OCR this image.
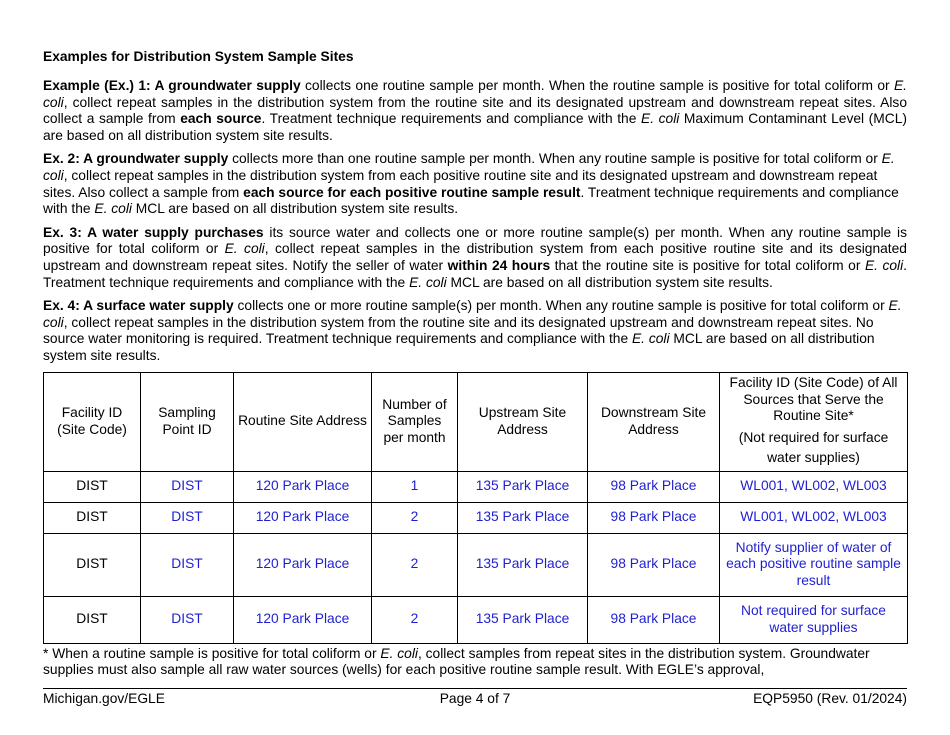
Examples for Distribution System Sample Sites

Example (Ex.) 1: A groundwater supply collects one routine sample per month. When the routine sample is positive for total coliform or E. coli, collect repeat samples in the distribution system from the routine site and its designated upstream and downstream repeat sites. Also collect a sample from each source. Treatment technique requirements and compliance with the E. coli Maximum Contaminant Level (MCL) are based on all distribution system site results.

Ex. 2: A groundwater supply collects more than one routine sample per month. When any routine sample is positive for total coliform or E. coli, collect repeat samples in the distribution system from each positive routine site and its designated upstream and downstream repeat sites. Also collect a sample from each source for each positive routine sample result. Treatment technique requirements and compliance with the E. coli MCL are based on all distribution system site results.

Ex. 3: A water supply purchases its source water and collects one or more routine sample(s) per month. When any routine sample is positive for total coliform or E. coli, collect repeat samples in the distribution system from each positive routine site and its designated upstream and downstream repeat sites. Notify the seller of water within 24 hours that the routine site is positive for total coliform or E. coli. Treatment technique requirements and compliance with the E. coli MCL are based on all distribution system site results.

Ex. 4: A surface water supply collects one or more routine sample(s) per month. When any routine sample is positive for total coliform or E. coli, collect repeat samples in the distribution system from the routine site and its designated upstream and downstream repeat sites. No source water monitoring is required. Treatment technique requirements and compliance with the E. coli MCL are based on all distribution system site results.

Facility ID (Site Code)	Sampling Point ID	Routine Site Address	Number of Samples per month	Upstream Site Address	Downstream Site Address	Facility ID (Site Code) of All Sources that Serve the Routine Site*
(Not required for surface water supplies)

DIST	DIST	120 Park Place	1	135 Park Place	98 Park Place	WL001, WL002, WL003
DIST	DIST	120 Park Place	2	135 Park Place	98 Park Place	WL001, WL002, WL003
DIST	DIST	120 Park Place	2	135 Park Place	98 Park Place	Notify supplier of water of each positive routine sample result
DIST	DIST	120 Park Place	2	135 Park Place	98 Park Place	Not required for surface water supplies
* When a routine sample is positive for total coliform or E. coli, collect samples from repeat sites in the distribution system. Groundwater supplies must also sample all raw water sources (wells) for each positive routine sample result. With EGLE’s approval,
Michigan.gov/EGLE	Page 4 of 7	EQP5950 (Rev. 01/2024)
